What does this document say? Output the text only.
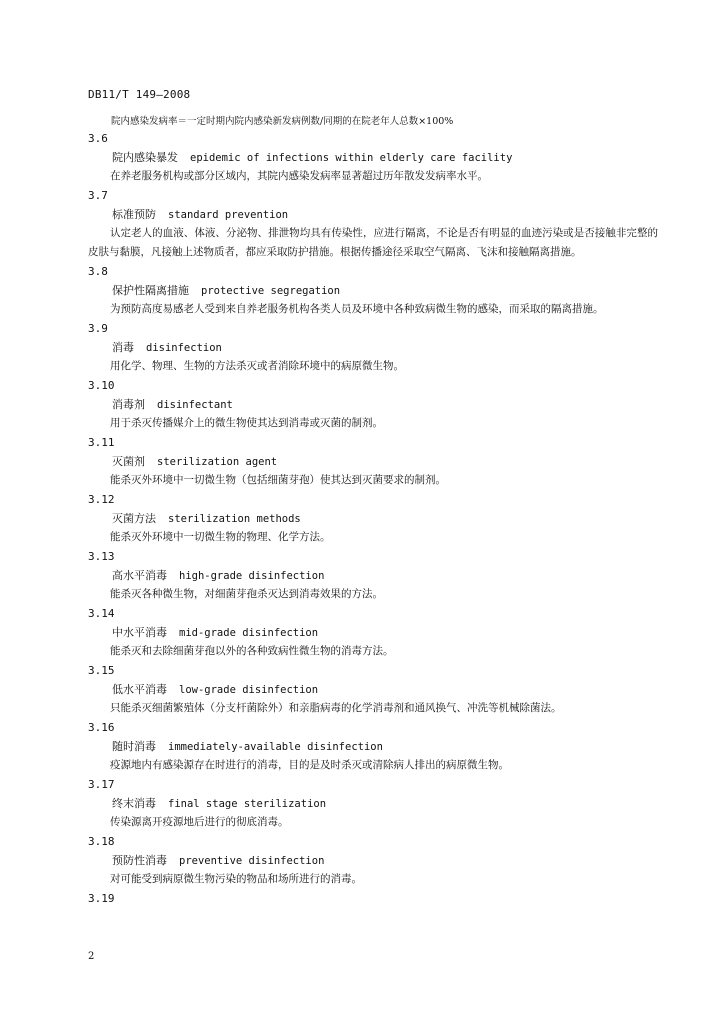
DB11/T 149—2008
院内感染发病率＝一定时期内院内感染新发病例数/同期的在院老年人总数×100%
3.6
院内感染暴发 epidemic of infections within elderly care facility
在养老服务机构或部分区域内，其院内感染发病率显著超过历年散发发病率水平。
3.7
标准预防 standard prevention
认定老人的血液、体液、分泌物、排泄物均具有传染性，应进行隔离，不论是否有明显的血迹污染或是否接触非完整的皮肤与黏膜，凡接触上述物质者，都应采取防护措施。根据传播途径采取空气隔离、飞沫和接触隔离措施。
3.8
保护性隔离措施 protective segregation
为预防高度易感老人受到来自养老服务机构各类人员及环境中各种致病微生物的感染，而采取的隔离措施。
3.9
消毒 disinfection
用化学、物理、生物的方法杀灭或者消除环境中的病原微生物。
3.10
消毒剂 disinfectant
用于杀灭传播媒介上的微生物使其达到消毒或灭菌的制剂。
3.11
灭菌剂 sterilization agent
能杀灭外环境中一切微生物（包括细菌芽孢）使其达到灭菌要求的制剂。
3.12
灭菌方法 sterilization methods
能杀灭外环境中一切微生物的物理、化学方法。
3.13
高水平消毒 high-grade disinfection
能杀灭各种微生物，对细菌芽孢杀灭达到消毒效果的方法。
3.14
中水平消毒 mid-grade disinfection
能杀灭和去除细菌芽孢以外的各种致病性微生物的消毒方法。
3.15
低水平消毒 low-grade disinfection
只能杀灭细菌繁殖体（分支杆菌除外）和亲脂病毒的化学消毒剂和通风换气、冲洗等机械除菌法。
3.16
随时消毒 immediately-available disinfection
疫源地内有感染源存在时进行的消毒，目的是及时杀灭或清除病人排出的病原微生物。
3.17
终末消毒 final stage sterilization
传染源离开疫源地后进行的彻底消毒。
3.18
预防性消毒 preventive disinfection
对可能受到病原微生物污染的物品和场所进行的消毒。
3.19
2
